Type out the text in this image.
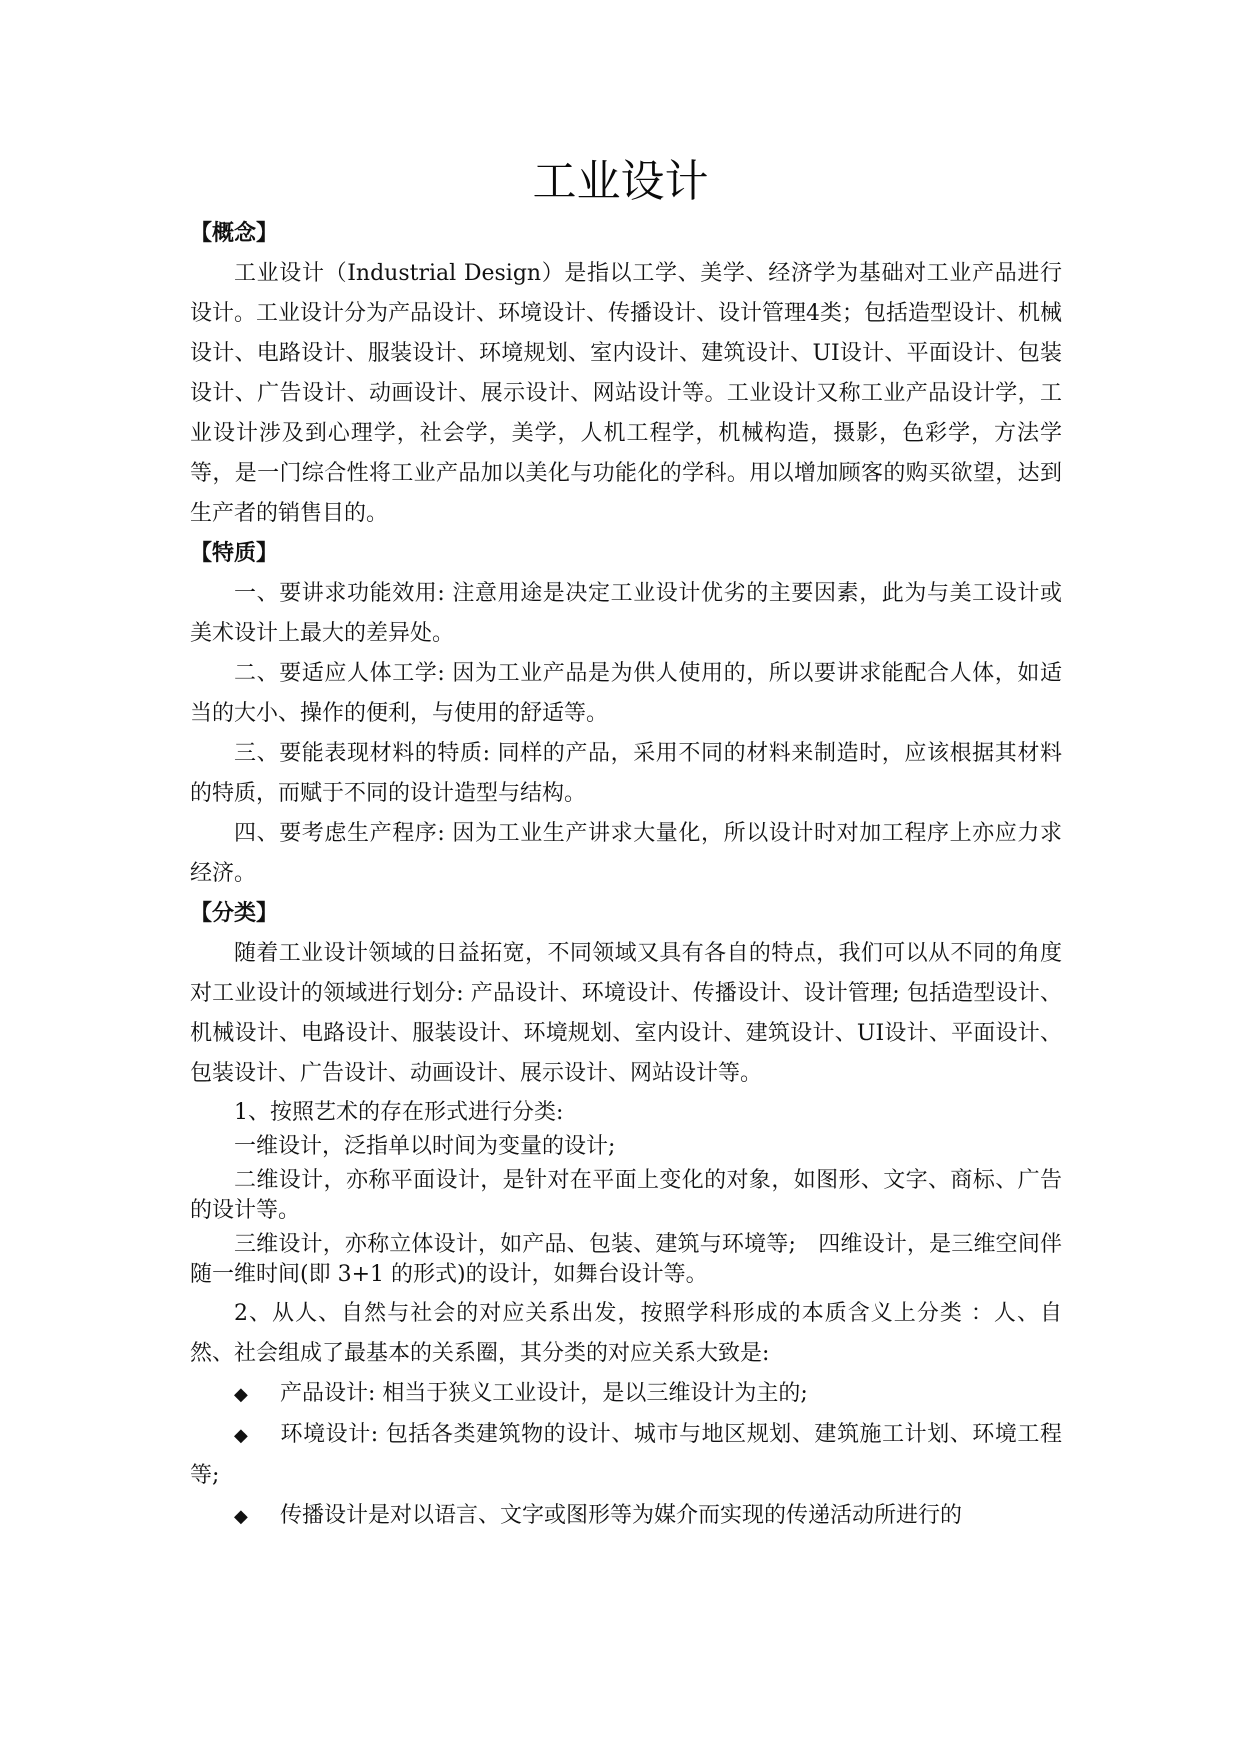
工业设计
【概念】

工业设计（Industrial Design）是指以工学、美学、经济学为基础对工业产品进行设计。工业设计分为产品设计、环境设计、传播设计、设计管理4类；包括造型设计、机械设计、电路设计、服装设计、环境规划、室内设计、建筑设计、UI设计、平面设计、包装设计、广告设计、动画设计、展示设计、网站设计等。工业设计又称工业产品设计学，工业设计涉及到心理学，社会学，美学，人机工程学，机械构造，摄影，色彩学，方法学等，是一门综合性将工业产品加以美化与功能化的学科。用以增加顾客的购买欲望，达到生产者的销售目的。

【特质】

一、要讲求功能效用: 注意用途是决定工业设计优劣的主要因素，此为与美工设计或美术设计上最大的差异处。

二、要适应人体工学: 因为工业产品是为供人使用的，所以要讲求能配合人体，如适当的大小、操作的便利，与使用的舒适等。

三、要能表现材料的特质: 同样的产品，采用不同的材料来制造时，应该根据其材料的特质，而赋于不同的设计造型与结构。

四、要考虑生产程序: 因为工业生产讲求大量化，所以设计时对加工程序上亦应力求经济。

【分类】

随着工业设计领域的日益拓宽，不同领域又具有各自的特点，我们可以从不同的角度对工业设计的领域进行划分: 产品设计、环境设计、传播设计、设计管理; 包括造型设计、机械设计、电路设计、服装设计、环境规划、室内设计、建筑设计、UI设计、平面设计、包装设计、广告设计、动画设计、展示设计、网站设计等。

1、按照艺术的存在形式进行分类:

一维设计，泛指单以时间为变量的设计;

二维设计，亦称平面设计，是针对在平面上变化的对象，如图形、文字、商标、广告的设计等。

三维设计，亦称立体设计，如产品、包装、建筑与环境等;　四维设计，是三维空间伴随一维时间(即 3+1 的形式)的设计，如舞台设计等。

2、从人、自然与社会的对应关系出发，按照学科形成的本质含义上分类 ：人、自然、社会组成了最基本的关系圈，其分类的对应关系大致是:

◆ 产品设计: 相当于狭义工业设计，是以三维设计为主的;

◆ 环境设计: 包括各类建筑物的设计、城市与地区规划、建筑施工计划、环境工程等;

◆ 传播设计是对以语言、文字或图形等为媒介而实现的传递活动所进行的
